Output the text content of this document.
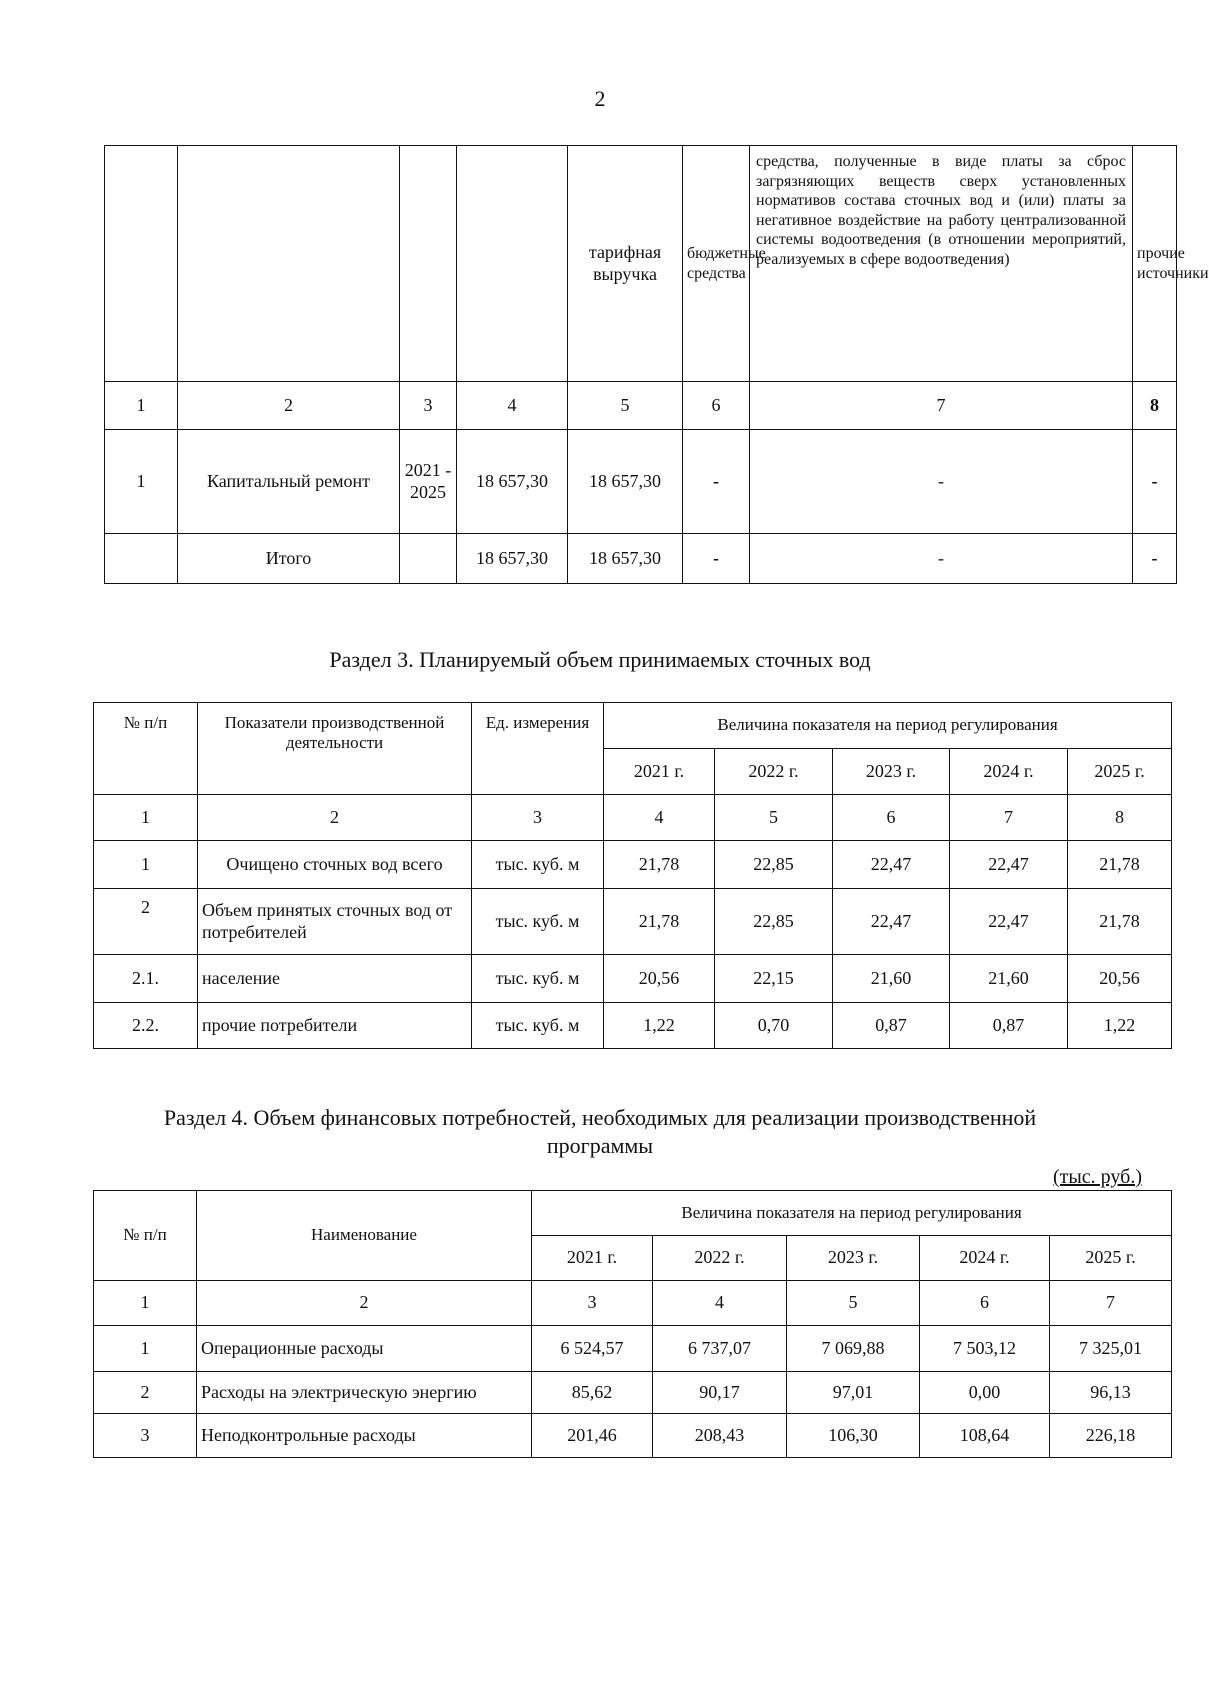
2
				тарифная выручка	бюджетные средства	средства, полученные в виде платы за сброс загрязняющих веществ сверх установленных нормативов состава сточных вод и (или) платы за негативное воздействие на работу централизованной системы водоотведения (в отношении мероприятий, реализуемых в сфере водоотведения)	прочие источники
1	2	3	4	5	6	7	8
1	Капитальный ремонт	2021 - 2025	18 657,30	18 657,30	-	-	-
	Итого		18 657,30	18 657,30	-	-	-
Раздел 3. Планируемый объем принимаемых сточных вод
№ п/п	Показатели производственной деятельности	Ед. измерения	Величина показателя на период регулирования				
			2021 г.	2022 г.	2023 г.	2024 г.	2025 г.
1	2	3	4	5	6	7	8
1	Очищено сточных вод всего	тыс. куб. м	21,78	22,85	22,47	22,47	21,78
2	Объем принятых сточных вод от потребителей	тыс. куб. м	21,78	22,85	22,47	22,47	21,78
2.1.	население	тыс. куб. м	20,56	22,15	21,60	21,60	20,56
2.2.	прочие потребители	тыс. куб. м	1,22	0,70	0,87	0,87	1,22
Раздел 4. Объем финансовых потребностей, необходимых для реализации производственной программы
(тыс. руб.)
№ п/п	Наименование	Величина показателя на период регулирования				
		2021 г.	2022 г.	2023 г.	2024 г.	2025 г.
1	2	3	4	5	6	7
1	Операционные расходы	6 524,57	6 737,07	7 069,88	7 503,12	7 325,01
2	Расходы на электрическую энергию	85,62	90,17	97,01	0,00	96,13
3	Неподконтрольные расходы	201,46	208,43	106,30	108,64	226,18
